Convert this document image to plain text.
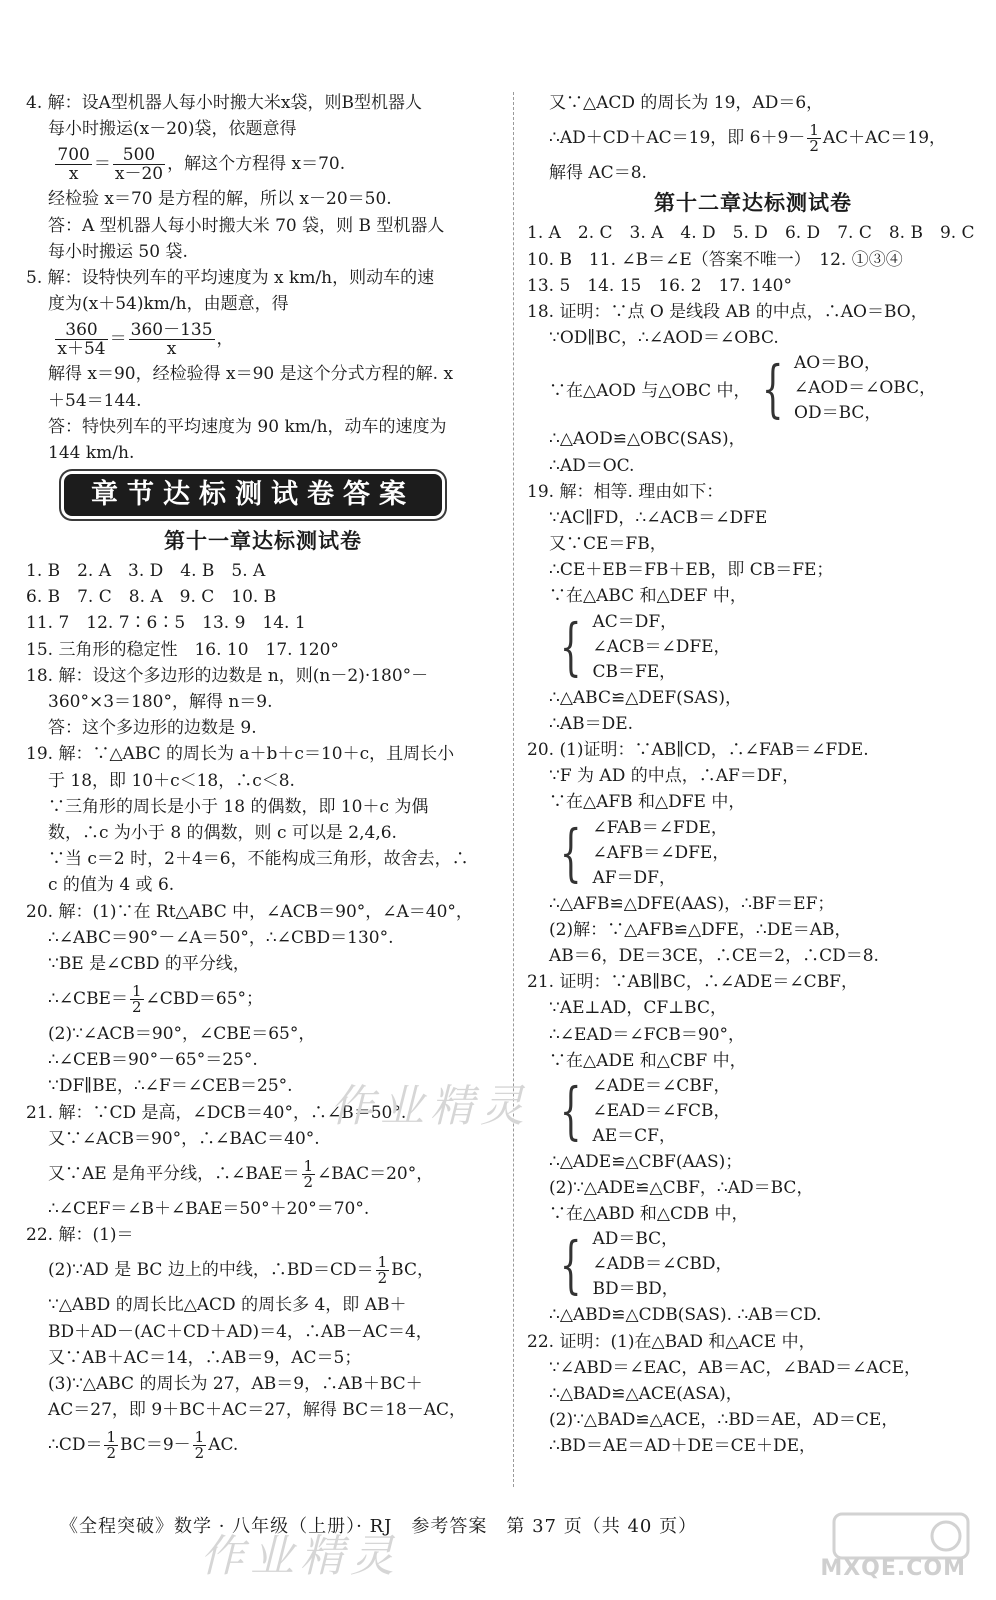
4. 解：设A型机器人每小时搬大米x袋，则B型机器人
每小时搬运(x－20)袋，依题意得

$\frac{700}{x} = \frac{500}{x-20}$ ，解这个方程得 x＝70.
经检验 x＝70 是方程的解，所以 x－20＝50.
答：A 型机器人每小时搬大米 70 袋，则 B 型机器人
每小时搬运 50 袋.
5. 解：设特快列车的平均速度为 x km/h，则动车的速
度为(x＋54)km/h，由题意，得

$\frac{360}{x+54} = \frac{360-135}{x}$ ，
解得 x＝90，经检验得 x＝90 是这个分式方程的解. x
＋54＝144.
答：特快列车的平均速度为 90 km/h，动车的速度为
144 km/h.
章节达标测试卷答案
第十一章达标测试卷
1. B　2. A　3. D　4. B　5. A
6. B　7. C　8. A　9. C　10. B
11. 7　12. 7∶6∶5　13. 9　14. 1
15. 三角形的稳定性　16. 10　17. 120°
18. 解：设这个多边形的边数是 n，则(n－2)·180°－
360°×3＝180°，解得 n＝9.
答：这个多边形的边数是 9.
19. 解：∵△ABC 的周长为 a＋b＋c＝10＋c，且周长小
于 18，即 10＋c＜18，∴c＜8.
∵三角形的周长是小于 18 的偶数，即 10＋c 为偶
数，∴c 为小于 8 的偶数，则 c 可以是 2,4,6.
∵当 c＝2 时，2＋4＝6，不能构成三角形，故舍去，∴
c 的值为 4 或 6.
20. 解：(1)∵在 Rt△ABC 中，∠ACB＝90°，∠A＝40°，
∴∠ABC＝90°－∠A＝50°，∴∠CBD＝130°.
∵BE 是∠CBD 的平分线，
∴∠CBE＝ $\frac{1}{2}$ ∠CBD＝65°；
(2)∵∠ACB＝90°，∠CBE＝65°，
∴∠CEB＝90°－65°＝25°.
∵DF∥BE，∴∠F＝∠CEB＝25°.
21. 解：∵CD 是高，∠DCB＝40°，∴∠B＝50°.
又∵∠ACB＝90°，∴∠BAC＝40°.
又∵AE 是角平分线，∴∠BAE＝ $\frac{1}{2}$ ∠BAC＝20°，
∴∠CEF＝∠B＋∠BAE＝50°＋20°＝70°.
22. 解：(1)＝
(2)∵AD 是 BC 边上的中线，∴BD＝CD＝ $\frac{1}{2}$ BC，
∵△ABD 的周长比△ACD 的周长多 4，即 AB＋
BD＋AD－(AC＋CD＋AD)＝4，∴AB－AC＝4，
又∵AB＋AC＝14，∴AB＝9，AC＝5；
(3)∵△ABC 的周长为 27，AB＝9，∴AB＋BC＋
AC＝27，即 9＋BC＋AC＝27，解得 BC＝18－AC，
∴CD＝ $\frac{1}{2} BC=9- \frac{1}{2}$ AC.
又∵△ACD 的周长为 19，AD＝6，
∴AD＋CD＋AC＝19，即 $6+9- \frac{1}{2} AC+AC=19$，
解得 AC＝8.
第十二章达标测试卷
1. A　2. C　3. A　4. D　5. D　6. D　7. C　8. B　9. C
10. B　11. ∠B＝∠E（答案不唯一）　12. ①③④
13. 5　14. 15　16. 2　17. 140°
18. 证明：∵点 O 是线段 AB 的中点，∴AO＝BO，
∵OD∥BC，∴∠AOD＝∠OBC.
∵在△AOD 与△OBC 中， { AO＝BO，
∠AOD＝∠OBC，
OD＝BC，
∴△AOD≌△OBC(SAS)，
∴AD＝OC.
19. 解：相等. 理由如下：
∵AC∥FD，∴∠ACB＝∠DFE
又∵CE＝FB，
∴CE＋EB＝FB＋EB，即 CB＝FE；
∵在△ABC 和△DEF 中，
{ AC＝DF，
∠ACB＝∠DFE，
CB＝FE，
∴△ABC≌△DEF(SAS)，
∴AB＝DE.
20. (1)证明：∵AB∥CD，∴∠FAB＝∠FDE.
∵F 为 AD 的中点，∴AF＝DF，
∵在△AFB 和△DFE 中，
{ ∠FAB＝∠FDE，
∠AFB＝∠DFE，
AF＝DF，
∴△AFB≌△DFE(AAS)，∴BF＝EF；
(2)解：∵△AFB≌△DFE，∴DE＝AB，
AB＝6，DE＝3CE，∴CE＝2，∴CD＝8.
21. 证明：∵AB∥BC，∴∠ADE＝∠CBF，
∵AE⊥AD，CF⊥BC，
∴∠EAD＝∠FCB＝90°，
∵在△ADE 和△CBF 中，
{ ∠ADE＝∠CBF，
∠EAD＝∠FCB，
AE＝CF，
∴△ADE≌△CBF(AAS)；
(2)∵△ADE≌△CBF，∴AD＝BC，
∵在△ABD 和△CDB 中，
{ AD＝BC，
∠ADB＝∠CBD，
BD＝BD，
∴△ABD≌△CDB(SAS). ∴AB＝CD.
22. 证明：(1)在△BAD 和△ACE 中，
∵∠ABD＝∠EAC，AB＝AC，∠BAD＝∠ACE，
∴△BAD≌△ACE(ASA)，
(2)∵△BAD≌△ACE，∴BD＝AE，AD＝CE，
∴BD＝AE＝AD＋DE＝CE＋DE，
作业精灵
作业精灵
《全程突破》数学 · 八年级（上册）· RJ　参考答案　第 37 页（共 40 页）
MXQE.COM
